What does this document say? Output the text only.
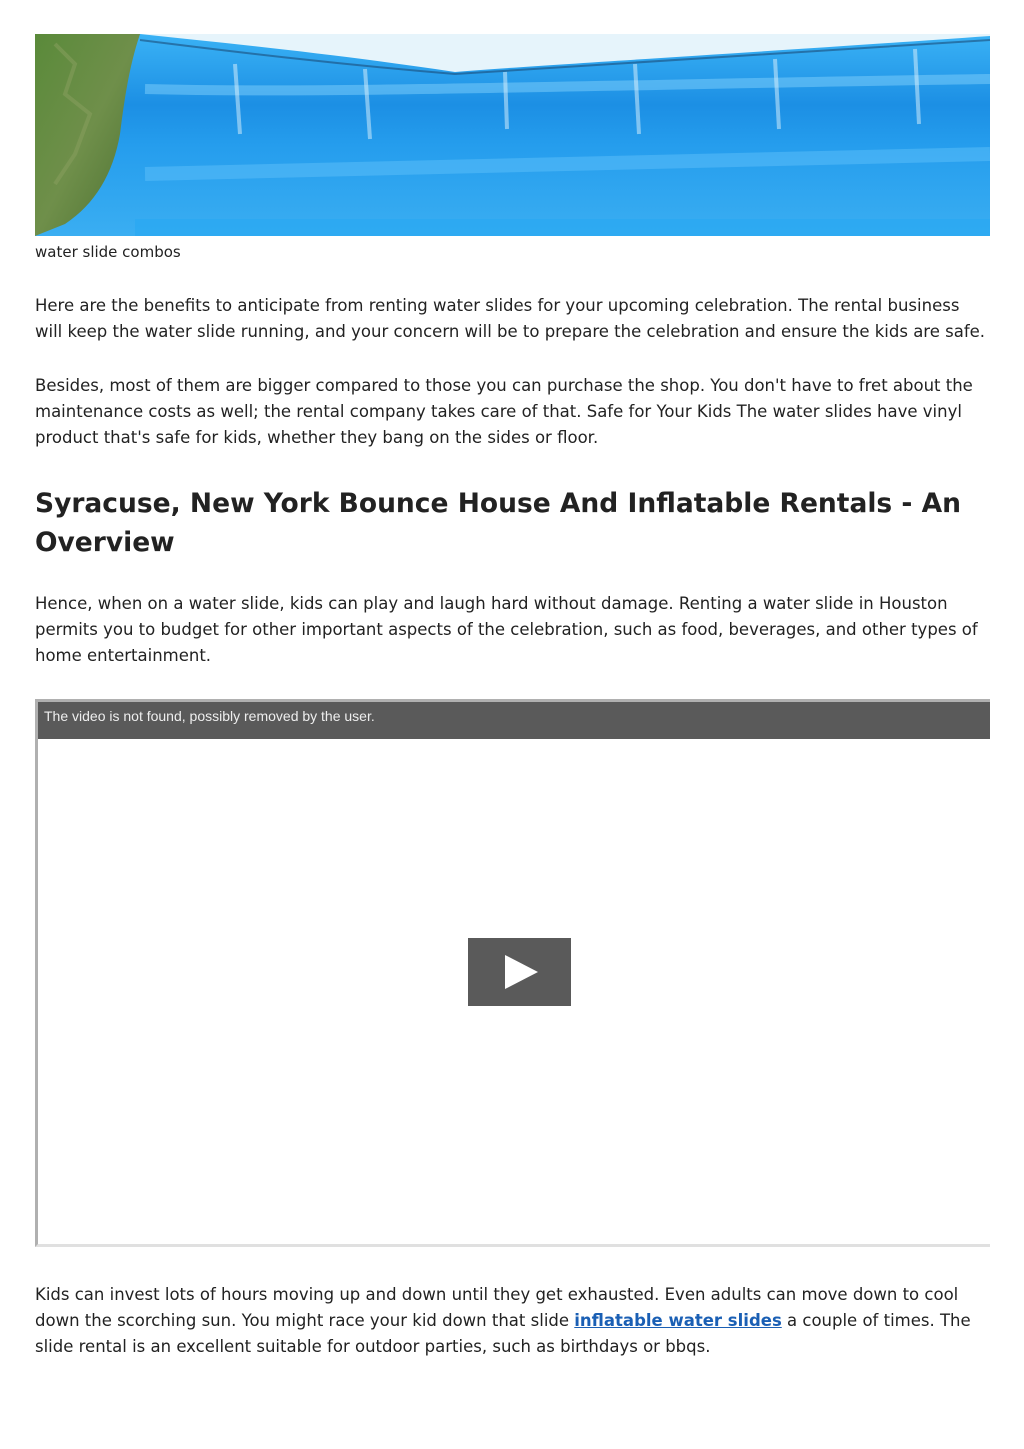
water slide combos

Here are the benefits to anticipate from renting water slides for your upcoming celebration. The rental business will keep the water slide running, and your concern will be to prepare the celebration and ensure the kids are safe.

Besides, most of them are bigger compared to those you can purchase the shop. You don't have to fret about the maintenance costs as well; the rental company takes care of that. Safe for Your Kids The water slides have vinyl product that's safe for kids, whether they bang on the sides or floor.

Syracuse, New York Bounce House And Inflatable Rentals - An Overview

Hence, when on a water slide, kids can play and laugh hard without damage. Renting a water slide in Houston permits you to budget for other important aspects of the celebration, such as food, beverages, and other types of home entertainment.

The video is not found, possibly removed by the user.

Kids can invest lots of hours moving up and down until they get exhausted. Even adults can move down to cool down the scorching sun. You might race your kid down that slide inflatable water slides a couple of times. The slide rental is an excellent suitable for outdoor parties, such as birthdays or bbqs.
